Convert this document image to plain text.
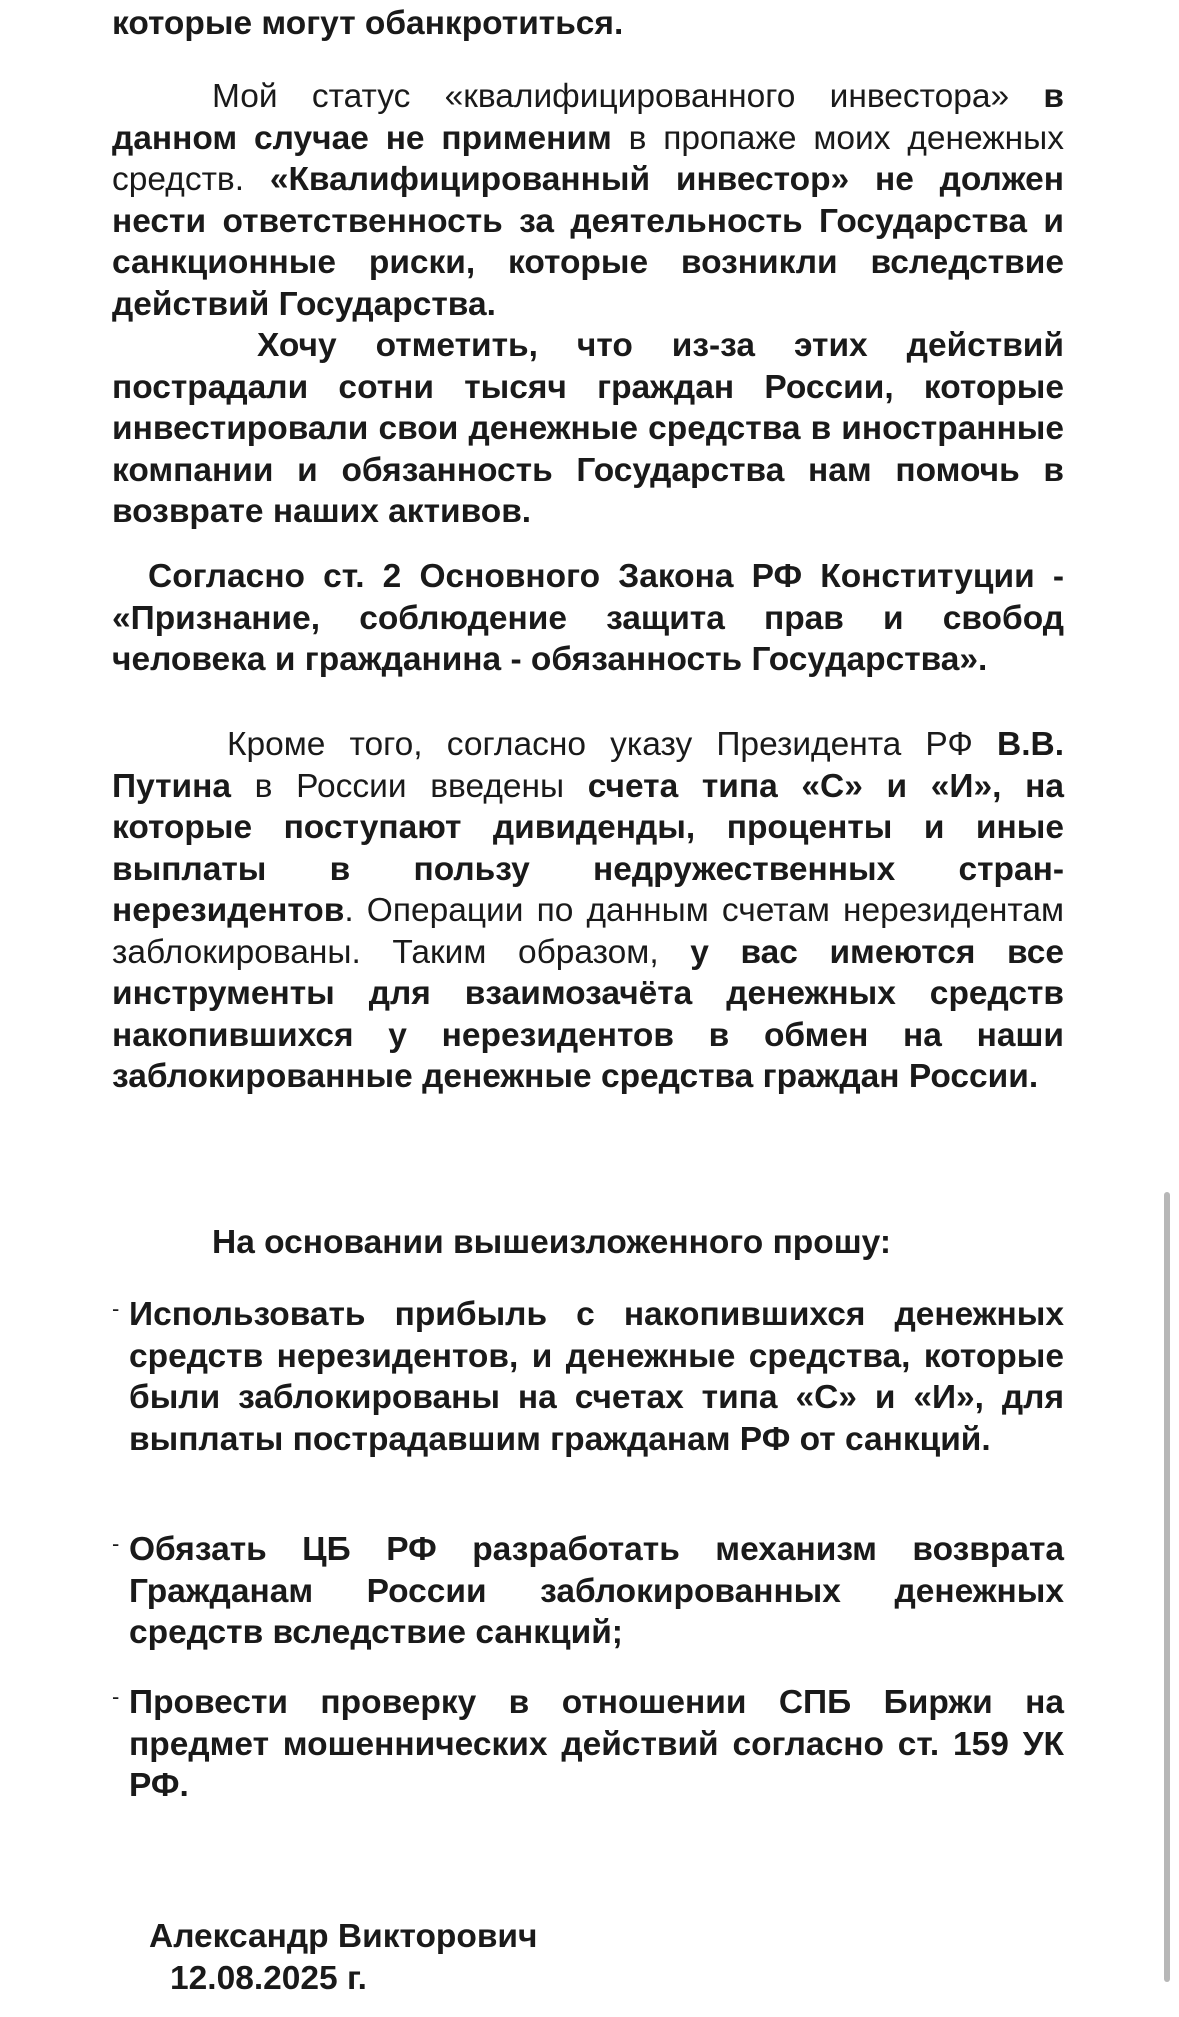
которые могут обанкротиться.

Мой статус «квалифицированного инвестора» в данном случае не применим в пропаже моих денежных средств. «Квалифицированный инвестор» не должен нести ответственность за деятельность Государства и санкционные риски, которые возникли вследствие действий Государства.

Хочу отметить, что из-за этих действий пострадали сотни тысяч граждан России, которые инвестировали свои денежные средства в иностранные компании и обязанность Государства нам помочь в возврате наших активов.

Согласно ст. 2 Основного Закона РФ Конституции - «Признание, соблюдение защита прав и свобод человека и гражданина - обязанность Государства».

Кроме того, согласно указу Президента РФ В.В. Путина в России введены счета типа «С» и «И», на которые поступают дивиденды, проценты и иные выплаты в пользу недружественных стран-нерезидентов. Операции по данным счетам нерезидентам заблокированы. Таким образом, у вас имеются все инструменты для взаимозачёта денежных средств накопившихся у нерезидентов в обмен на наши заблокированные денежные средства граждан России.

На основании вышеизложенного прошу:
- Использовать прибыль с накопившихся денежных средств нерезидентов, и денежные средства, которые были заблокированы на счетах типа «С» и «И», для выплаты пострадавшим гражданам РФ от санкций.

- Обязать ЦБ РФ разработать механизм возврата Гражданам России заблокированных денежных средств вследствие санкций;

- Провести проверку в отношении СПБ Биржи на предмет мошеннических действий согласно ст. 159 УК РФ.

Александр Викторович
12.08.2025 г.
